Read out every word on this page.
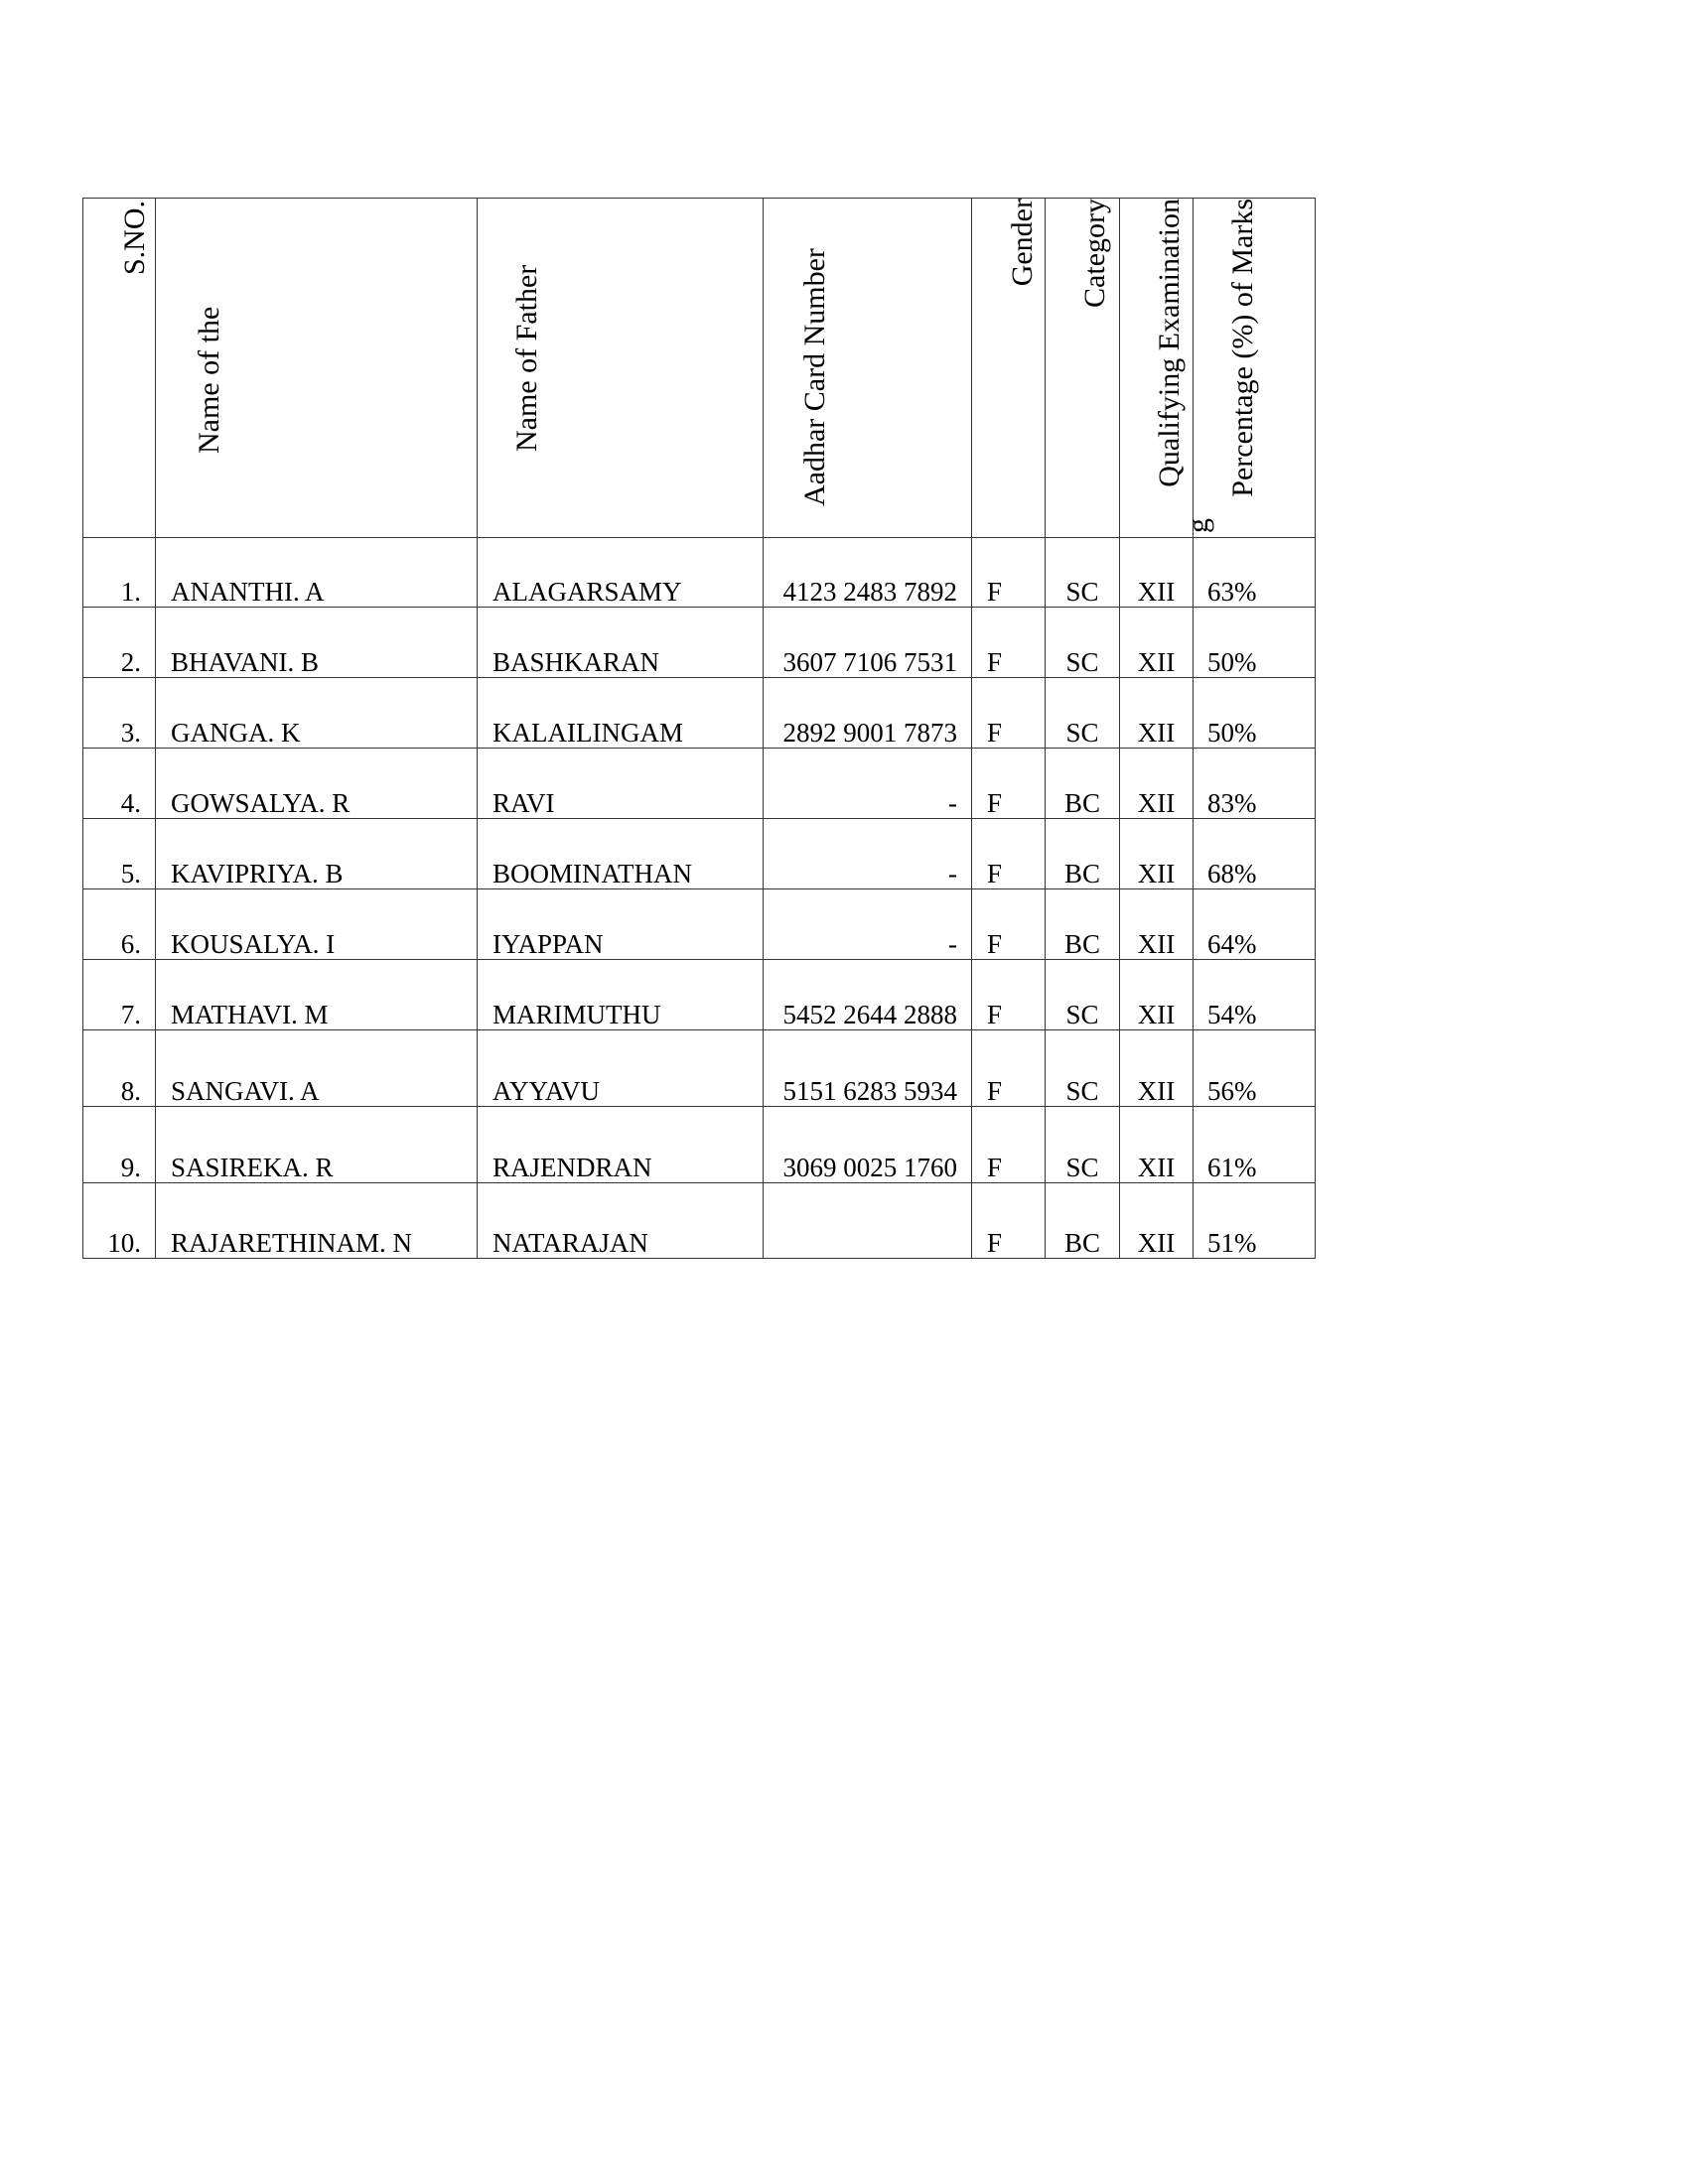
S.NO.	Name of the	Name of Father	Aadhar Card Number	Gender	Category	Qualifying Examination	Percentage (%) of Marks
g

1.	ANANTHI. A	ALAGARSAMY	4123 2483 7892	F	SC	XII	63%
2.	BHAVANI. B	BASHKARAN	3607 7106 7531	F	SC	XII	50%
3.	GANGA. K	KALAILINGAM	2892 9001 7873	F	SC	XII	50%
4.	GOWSALYA. R	RAVI	-	F	BC	XII	83%
5.	KAVIPRIYA. B	BOOMINATHAN	-	F	BC	XII	68%
6.	KOUSALYA. I	IYAPPAN	-	F	BC	XII	64%
7.	MATHAVI. M	MARIMUTHU	5452 2644 2888	F	SC	XII	54%
8.	SANGAVI. A	AYYAVU	5151 6283 5934	F	SC	XII	56%
9.	SASIREKA. R	RAJENDRAN	3069 0025 1760	F	SC	XII	61%
10.	RAJARETHINAM. N	NATARAJAN		F	BC	XII	51%
